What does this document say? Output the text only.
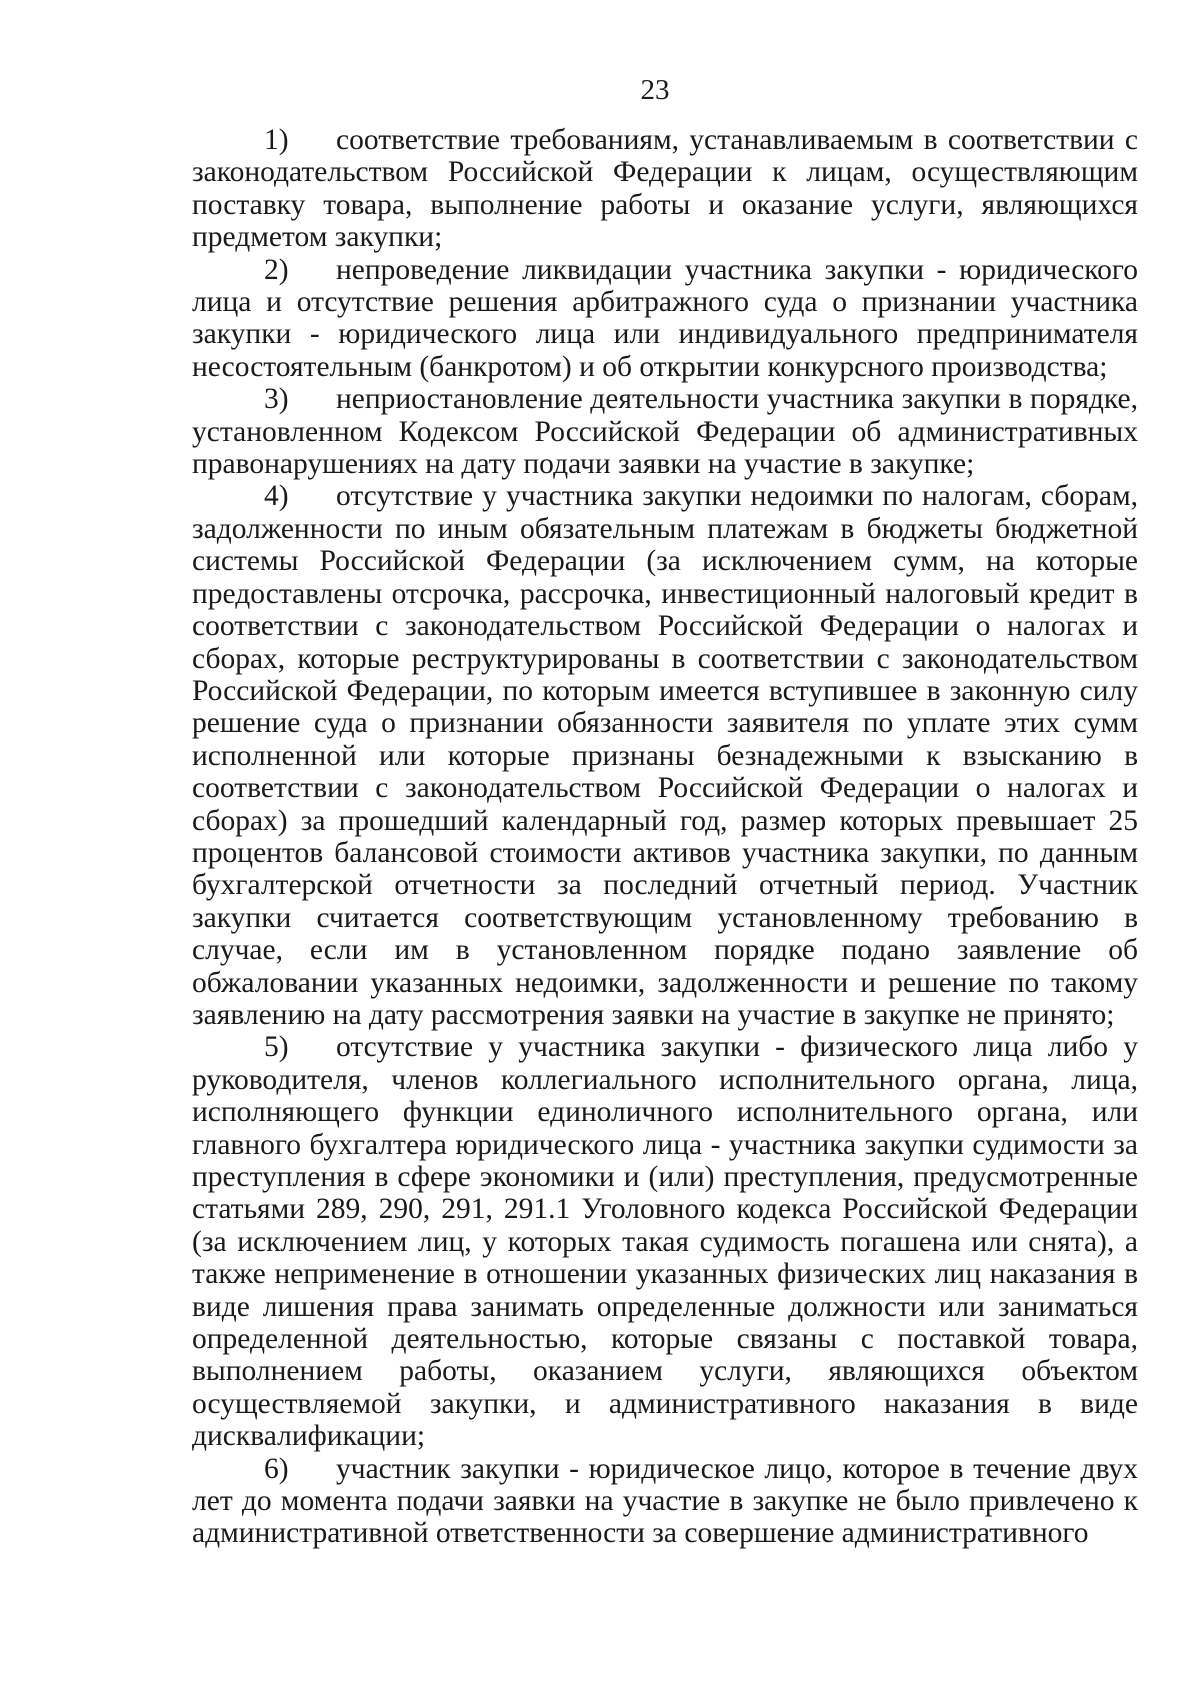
23

1) соответствие требованиям, устанавливаемым в соответствии с законодательством Российской Федерации к лицам, осуществляющим поставку товара, выполнение работы и оказание услуги, являющихся предметом закупки;

2) непроведение ликвидации участника закупки - юридического лица и отсутствие решения арбитражного суда о признании участника закупки - юридического лица или индивидуального предпринимателя несостоятельным (банкротом) и об открытии конкурсного производства;

3) неприостановление деятельности участника закупки в порядке, установленном Кодексом Российской Федерации об административных правонарушениях на дату подачи заявки на участие в закупке;

4) отсутствие у участника закупки недоимки по налогам, сборам, задолженности по иным обязательным платежам в бюджеты бюджетной системы Российской Федерации (за исключением сумм, на которые предоставлены отсрочка, рассрочка, инвестиционный налоговый кредит в соответствии с законодательством Российской Федерации о налогах и сборах, которые реструктурированы в соответствии с законодательством Российской Федерации, по которым имеется вступившее в законную силу решение суда о признании обязанности заявителя по уплате этих сумм исполненной или которые признаны безнадежными к взысканию в соответствии с законодательством Российской Федерации о налогах и сборах) за прошедший календарный год, размер которых превышает 25 процентов балансовой стоимости активов участника закупки, по данным бухгалтерской отчетности за последний отчетный период. Участник закупки считается соответствующим установленному требованию в случае, если им в установленном порядке подано заявление об обжаловании указанных недоимки, задолженности и решение по такому заявлению на дату рассмотрения заявки на участие в закупке не принято;

5) отсутствие у участника закупки - физического лица либо у руководителя, членов коллегиального исполнительного органа, лица, исполняющего функции единоличного исполнительного органа, или главного бухгалтера юридического лица - участника закупки судимости за преступления в сфере экономики и (или) преступления, предусмотренные статьями 289, 290, 291, 291.1 Уголовного кодекса Российской Федерации (за исключением лиц, у которых такая судимость погашена или снята), а также неприменение в отношении указанных физических лиц наказания в виде лишения права занимать определенные должности или заниматься определенной деятельностью, которые связаны с поставкой товара, выполнением работы, оказанием услуги, являющихся объектом осуществляемой закупки, и административного наказания в виде дисквалификации;

6) участник закупки - юридическое лицо, которое в течение двух лет до момента подачи заявки на участие в закупке не было привлечено к административной ответственности за совершение административного
